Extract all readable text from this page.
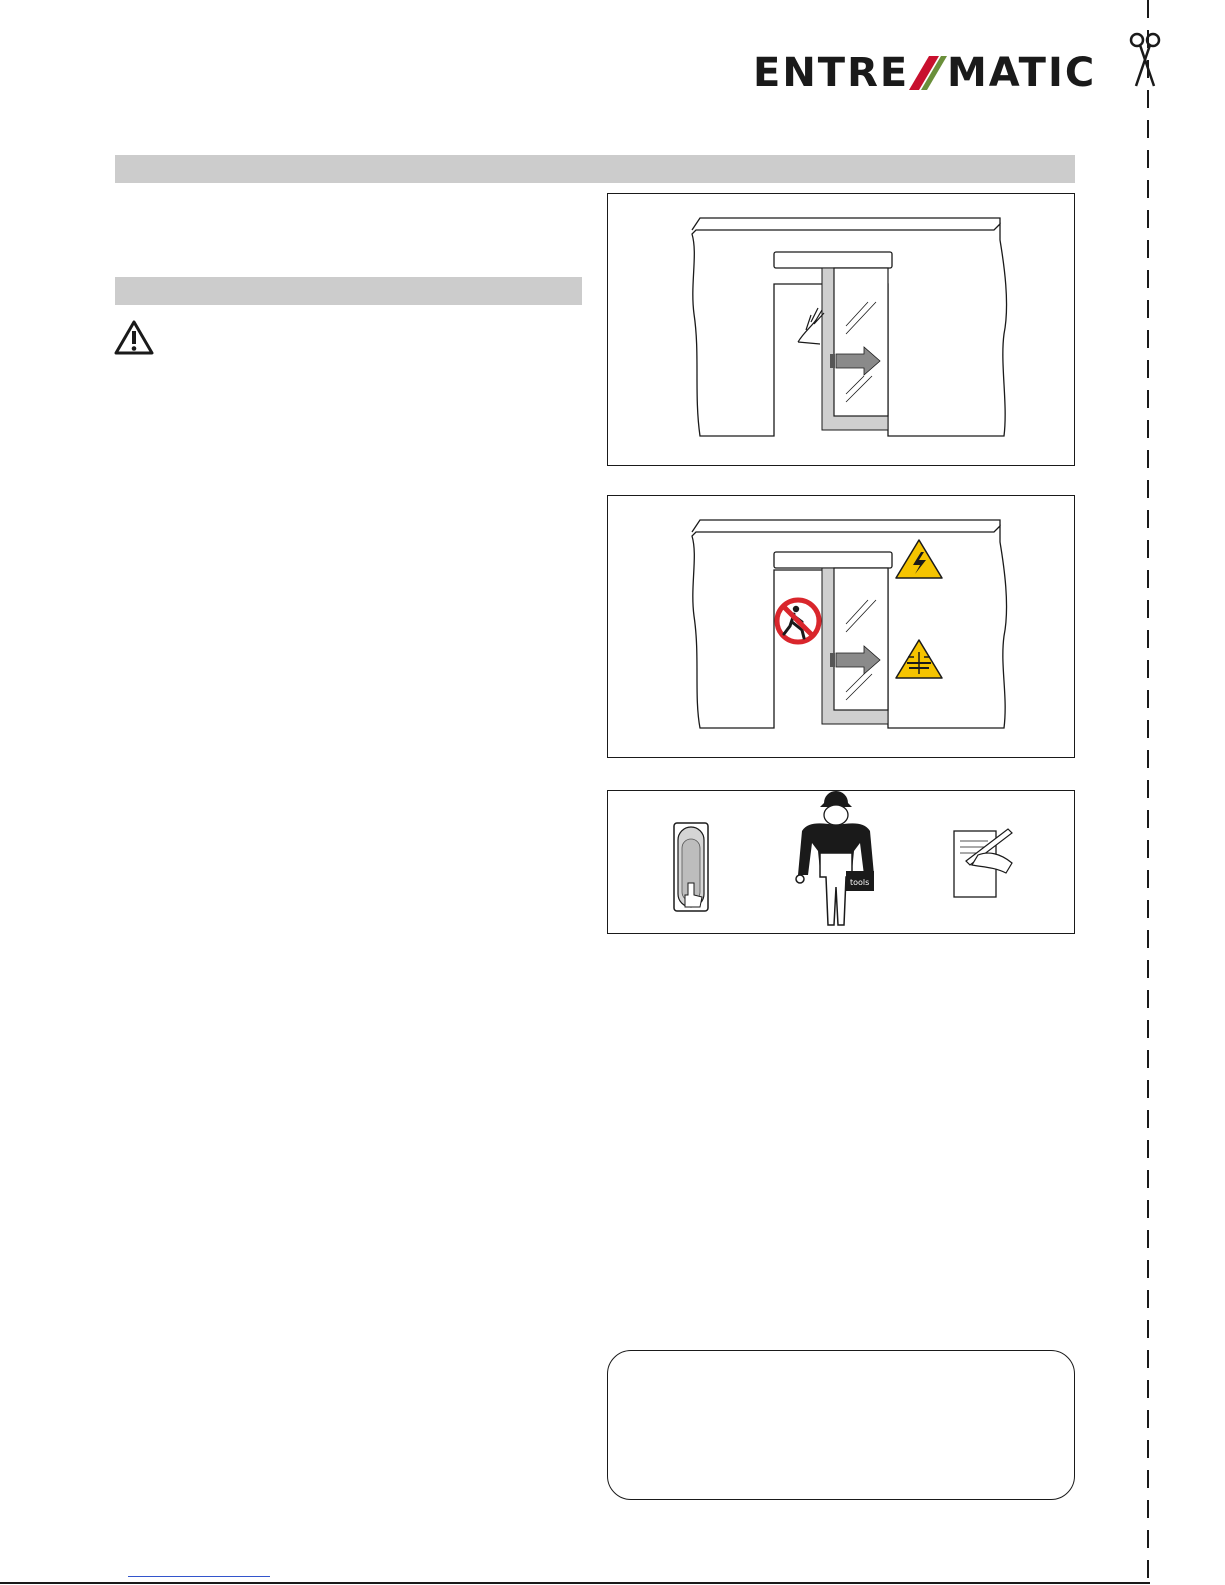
ENTRE MATIC
tools
